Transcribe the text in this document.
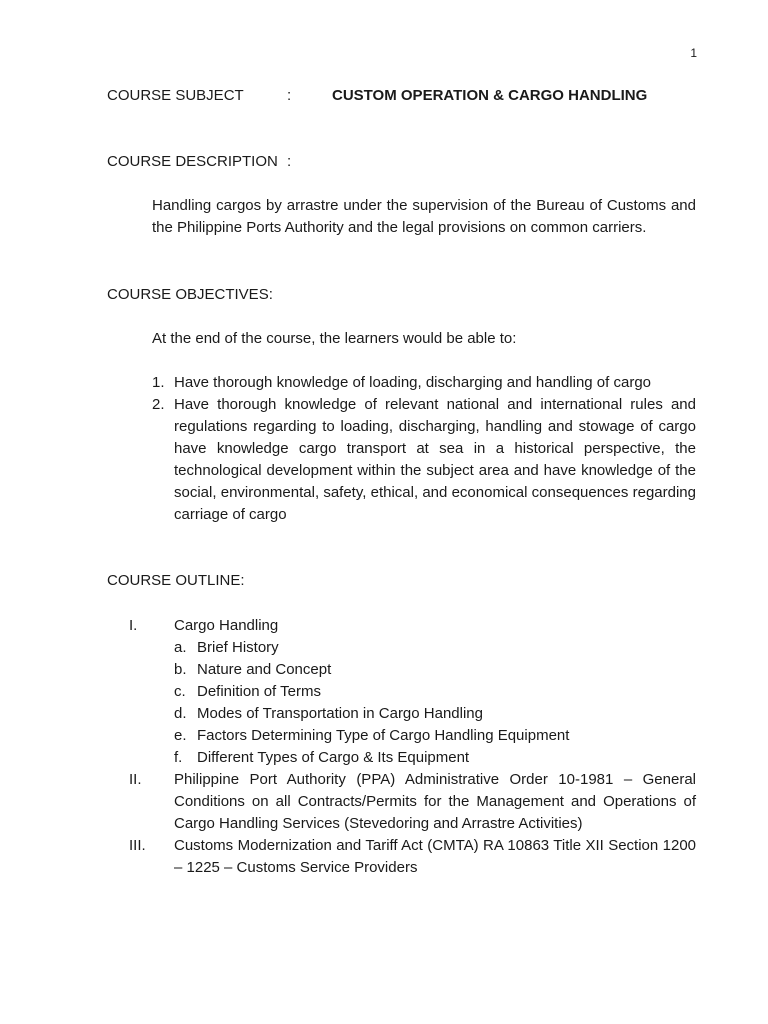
1
COURSE SUBJECT	:	CUSTOM OPERATION & CARGO HANDLING
COURSE DESCRIPTION :
Handling cargos by arrastre under the supervision of the Bureau of Customs and the Philippine Ports Authority and the legal provisions on common carriers.
COURSE OBJECTIVES:
At the end of the course, the learners would be able to:
1. Have thorough knowledge of loading, discharging and handling of cargo
2. Have thorough knowledge of relevant national and international rules and regulations regarding to loading, discharging, handling and stowage of cargo have knowledge cargo transport at sea in a historical perspective, the technological development within the subject area and have knowledge of the social, environmental, safety, ethical, and economical consequences regarding carriage of cargo
COURSE OUTLINE:
I. Cargo Handling
a. Brief History
b. Nature and Concept
c. Definition of Terms
d. Modes of Transportation in Cargo Handling
e. Factors Determining Type of Cargo Handling Equipment
f. Different Types of Cargo & Its Equipment
II. Philippine Port Authority (PPA) Administrative Order 10-1981 – General Conditions on all Contracts/Permits for the Management and Operations of Cargo Handling Services (Stevedoring and Arrastre Activities)
III. Customs Modernization and Tariff Act (CMTA) RA 10863 Title XII Section 1200 – 1225 – Customs Service Providers
